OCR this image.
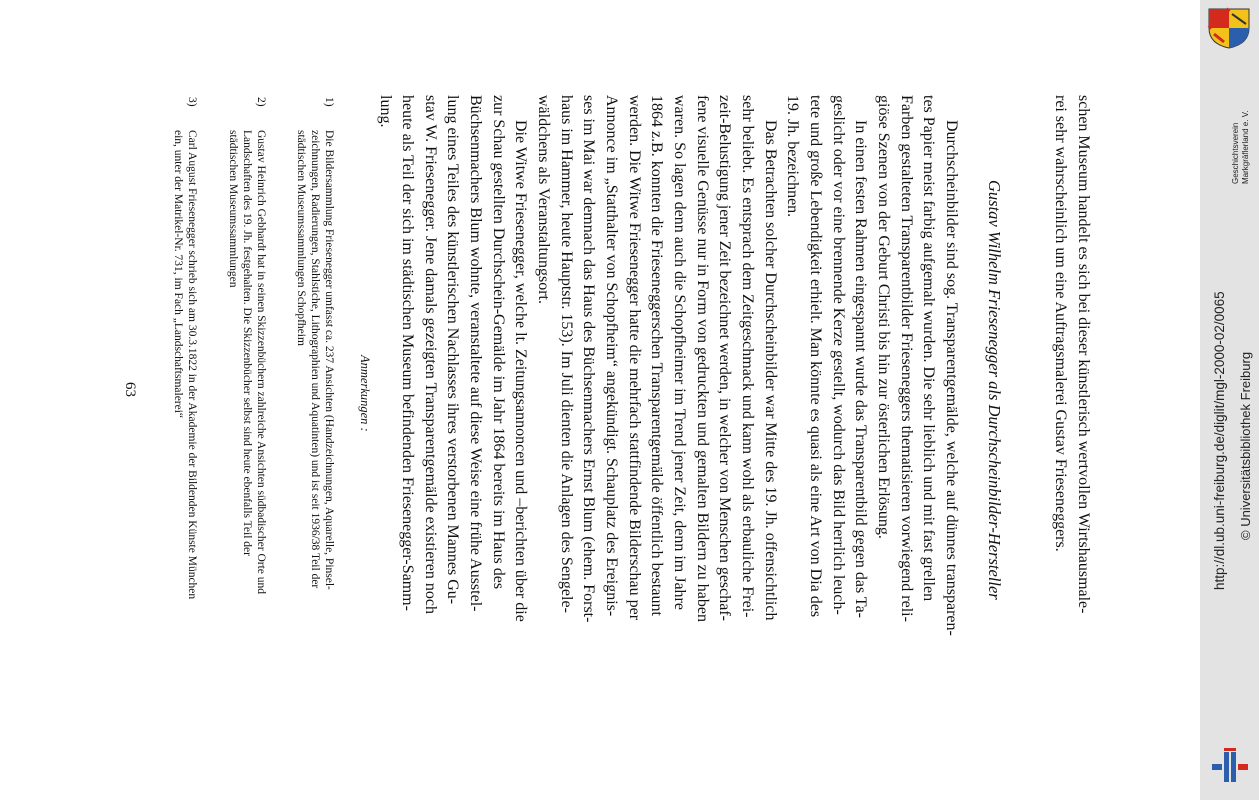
schen Museum handelt es sich bei dieser künstlerisch wertvollen Wirtshausmale-
rei sehr wahrscheinlich um eine Auftragsmalerei Gustav Frieseneggers.
Gustav Wilhelm Friesenegger als Durchscheinbilder-Hersteller
Durchscheinbilder sind sog. Transparentgemälde, welche auf dünnes transparen-
tes Papier meist farbig aufgemalt wurden. Die sehr lieblich und mit fast grellen
Farben gestalteten Transparentbilder Frieseneggers thematisieren vorwiegend reli-
giöse Szenen von der Geburt Christi bis hin zur österlichen Erlösung.
In einen festen Rahmen eingespannt wurde das Transparentbild gegen das Ta-
geslicht oder vor eine brennende Kerze gestellt, wodurch das Bild herrlich leuch-
tete und große Lebendigkeit erhielt. Man könnte es quasi als eine Art von Dia des
19. Jh. bezeichnen.
Das Betrachten solcher Durchscheinbilder war Mitte des 19. Jh. offensichtlich
sehr beliebt. Es entsprach dem Zeitgeschmack und kann wohl als erbauliche Frei-
zeit-Belustigung jener Zeit bezeichnet werden, in welcher von Menschen geschaf-
fene visuelle Genüsse nur in Form von gedruckten und gemalten Bildern zu haben
waren. So lagen denn auch die Schopfheimer im Trend jener Zeit, denn im Jahre
1864 z.B. konnten die Frieseneggerschen Transparentgemälde öffentlich bestaunt
werden. Die Witwe Friesenegger hatte die mehrfach stattfindende Bilderschau per
Annonce im „Statthalter von Schopfheim“ angekündigt. Schauplatz des Ereignis-
ses im Mai war demnach das Haus des Büchsenmachers Ernst Blum (ehem. Forst-
haus im Hammer, heute Hauptstr. 153). Im Juli dienten die Anlagen des Sengele-
wäldchens als Veranstaltungsort.
Die Witwe Friesenegger, welche lt. Zeitungsannoncen und –berichten über die
zur Schau gestellten Durchschein-Gemälde im Jahr 1864 bereits im Haus des
Büchsenmachers Blum wohnte, veranstaltete auf diese Weise eine frühe Ausstel-
lung eines Teiles des künstlerischen Nachlasses ihres verstorbenen Mannes Gu-
stav W. Friesenegger. Jene damals gezeigten Transparentgemälde existieren noch
heute als Teil der sich im städtischen Museum befindenden Friesenegger-Samm-
lung.
Anmerkungen :
1)
Die Bildersammlung Friesenegger umfasst ca. 237 Ansichten (Handzeichnungen, Aquarelle, Pinsel-
zeichnungen, Radierungen, Stahlstiche, Lithographien und Aquatinten) und ist seit 1936/38 Teil der
städtischen Museumssammlungen Schopfheim
2)
Gustav Heinrich Gebhardt hat in seinen Skizzenbüchern zahlreiche Ansichten südbadischer Orte und
Landschaften des 19. Jh. festgehalten. Die Skizzenbücher selbst sind heute ebenfalls Teil der
städtischen Museumssammlungen
3)
Carl August Friesenegger schrieb sich am 30.3.1822 in der Akademie der Bildenden Künste München
ein, unter der Matrikel-Nr. 731, im Fach „Landschaftsmalerei“
63
Geschichtsverein Markgräflerland e. V.
http://dl.ub.uni-freiburg.de/diglit/mgl-2000-02/0065 © Universitätsbibliothek Freiburg
